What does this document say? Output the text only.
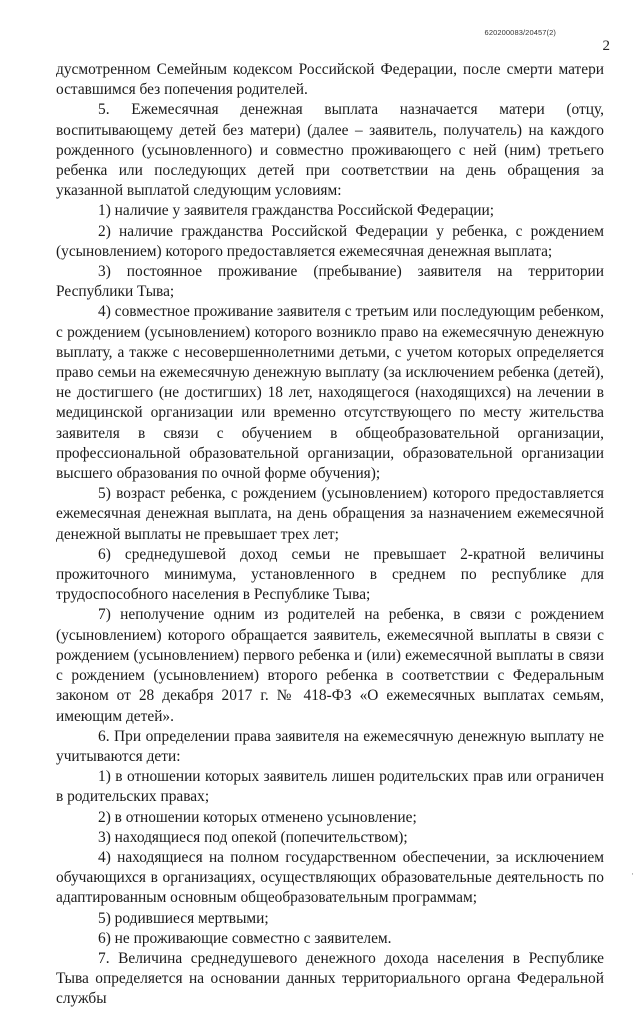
620200083/20457(2)
2

дусмотренном Семейным кодексом Российской Федерации, после смерти матери оставшимся без попечения родителей.

5. Ежемесячная денежная выплата назначается матери (отцу, воспитывающему детей без матери) (далее – заявитель, получатель) на каждого рожденного (усыновленного) и совместно проживающего с ней (ним) третьего ребенка или последующих детей при соответствии на день обращения за указанной выплатой следующим условиям:

1) наличие у заявителя гражданства Российской Федерации;

2) наличие гражданства Российской Федерации у ребенка, с рождением (усыновлением) которого предоставляется ежемесячная денежная выплата;

3) постоянное проживание (пребывание) заявителя на территории Республики Тыва;

4) совместное проживание заявителя с третьим или последующим ребенком, с рождением (усыновлением) которого возникло право на ежемесячную денежную выплату, а также с несовершеннолетними детьми, с учетом которых определяется право семьи на ежемесячную денежную выплату (за исключением ребенка (детей), не достигшего (не достигших) 18 лет, находящегося (находящихся) на лечении в медицинской организации или временно отсутствующего по месту жительства заявителя в связи с обучением в общеобразовательной организации, профессиональной образовательной организации, образовательной организации высшего образования по очной форме обучения);

5) возраст ребенка, с рождением (усыновлением) которого предоставляется ежемесячная денежная выплата, на день обращения за назначением ежемесячной денежной выплаты не превышает трех лет;

6) среднедушевой доход семьи не превышает 2-кратной величины прожиточного минимума, установленного в среднем по республике для трудоспособного населения в Республике Тыва;

7) неполучение одним из родителей на ребенка, в связи с рождением (усыновлением) которого обращается заявитель, ежемесячной выплаты в связи с рождением (усыновлением) первого ребенка и (или) ежемесячной выплаты в связи с рождением (усыновлением) второго ребенка в соответствии с Федеральным законом от 28 декабря 2017 г. № 418-ФЗ «О ежемесячных выплатах семьям, имеющим детей».

6. При определении права заявителя на ежемесячную денежную выплату не учитываются дети:

1) в отношении которых заявитель лишен родительских прав или ограничен в родительских правах;

2) в отношении которых отменено усыновление;

3) находящиеся под опекой (попечительством);

4) находящиеся на полном государственном обеспечении, за исключением обучающихся в организациях, осуществляющих образовательные деятельность по адаптированным основным общеобразовательным программам;

5) родившиеся мертвыми;

6) не проживающие совместно с заявителем.

7. Величина среднедушевого денежного дохода населения в Республике Тыва определяется на основании данных территориального органа Федеральной службы

·
